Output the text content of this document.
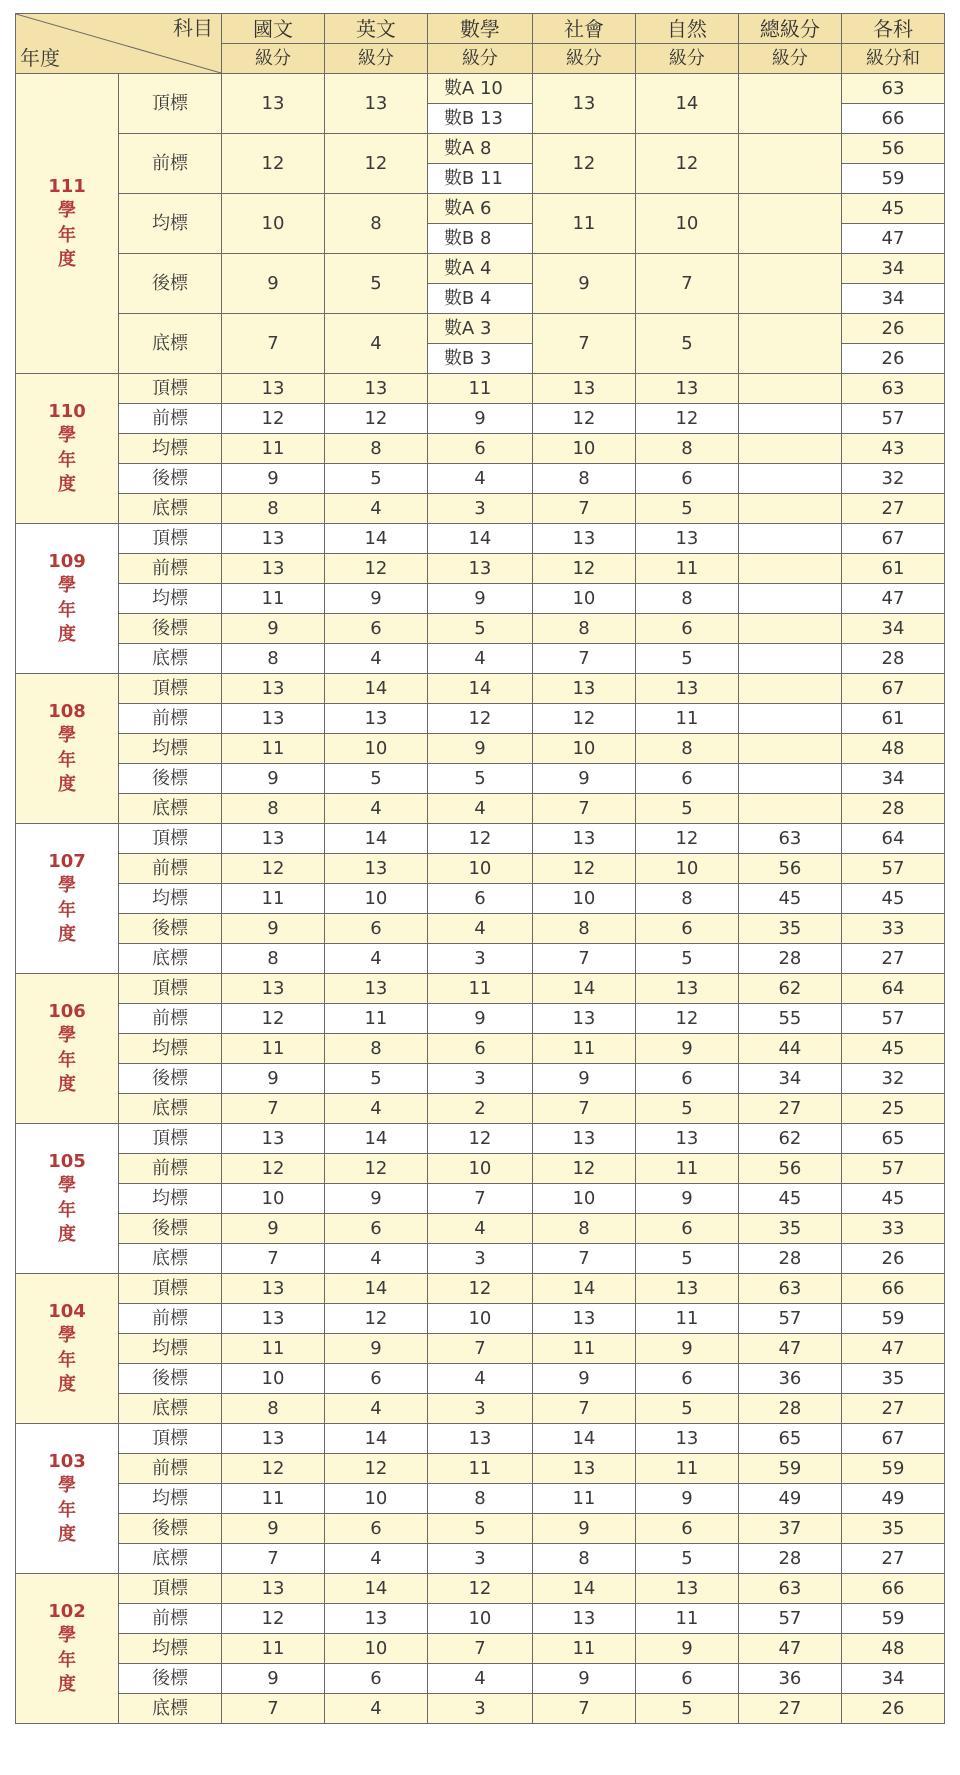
科目
年度		國文	英文	數學	社會	自然	總級分	各科
		級分	級分	級分	級分	級分	級分	級分和
111
學
年
度	頂標	13	13	數A 10	13	14		63
				數B 13				66
	前標	12	12	數A 8	12	12		56
				數B 11				59
	均標	10	8	數A 6	11	10		45
				數B 8				47
	後標	9	5	數A 4	9	7		34
				數B 4				34
	底標	7	4	數A 3	7	5		26
				數B 3				26
110
學
年
度	頂標	13	13	11	13	13		63
	前標	12	12	9	12	12		57
	均標	11	8	6	10	8		43
	後標	9	5	4	8	6		32
	底標	8	4	3	7	5		27
109
學
年
度	頂標	13	14	14	13	13		67
	前標	13	12	13	12	11		61
	均標	11	9	9	10	8		47
	後標	9	6	5	8	6		34
	底標	8	4	4	7	5		28
108
學
年
度	頂標	13	14	14	13	13		67
	前標	13	13	12	12	11		61
	均標	11	10	9	10	8		48
	後標	9	5	5	9	6		34
	底標	8	4	4	7	5		28
107
學
年
度	頂標	13	14	12	13	12	63	64
	前標	12	13	10	12	10	56	57
	均標	11	10	6	10	8	45	45
	後標	9	6	4	8	6	35	33
	底標	8	4	3	7	5	28	27
106
學
年
度	頂標	13	13	11	14	13	62	64
	前標	12	11	9	13	12	55	57
	均標	11	8	6	11	9	44	45
	後標	9	5	3	9	6	34	32
	底標	7	4	2	7	5	27	25
105
學
年
度	頂標	13	14	12	13	13	62	65
	前標	12	12	10	12	11	56	57
	均標	10	9	7	10	9	45	45
	後標	9	6	4	8	6	35	33
	底標	7	4	3	7	5	28	26
104
學
年
度	頂標	13	14	12	14	13	63	66
	前標	13	12	10	13	11	57	59
	均標	11	9	7	11	9	47	47
	後標	10	6	4	9	6	36	35
	底標	8	4	3	7	5	28	27
103
學
年
度	頂標	13	14	13	14	13	65	67
	前標	12	12	11	13	11	59	59
	均標	11	10	8	11	9	49	49
	後標	9	6	5	9	6	37	35
	底標	7	4	3	8	5	28	27
102
學
年
度	頂標	13	14	12	14	13	63	66
	前標	12	13	10	13	11	57	59
	均標	11	10	7	11	9	47	48
	後標	9	6	4	9	6	36	34
	底標	7	4	3	7	5	27	26
